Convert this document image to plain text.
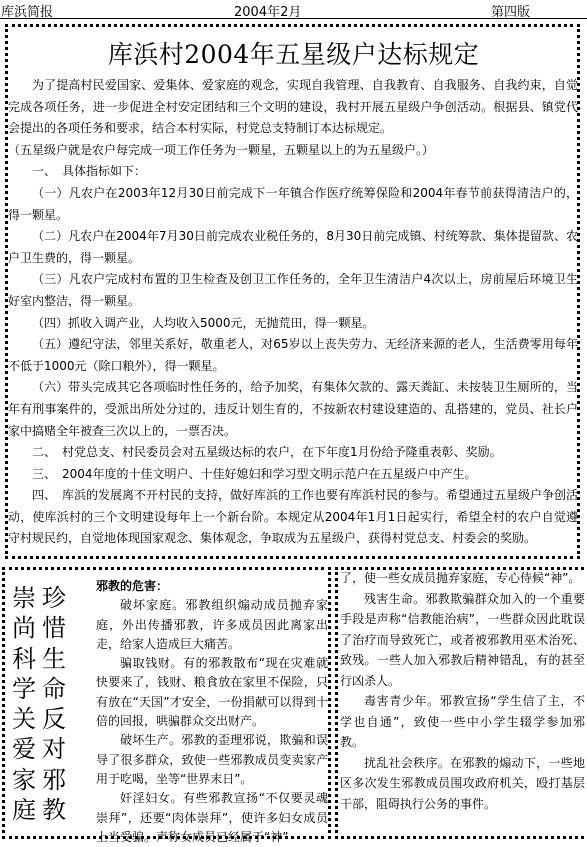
库浜简报	2004年2月	第四版
库浜村2004年五星级户达标规定

为了提高村民爱国家、爱集体、爱家庭的观念，实现自我管理、自我教育、自我服务、自我约束，自觉完成各项任务，进一步促进全村安定团结和三个文明的建设，我村开展五星级户争创活动。根据县、镇党代会提出的各项任务和要求，结合本村实际，村党总支特制订本达标规定。

（五星级户就是农户每完成一项工作任务为一颗星，五颗星以上的为五星级户。）

一、　具体指标如下：

（一）凡农户在2003年12月30日前完成下一年镇合作医疗统筹保险和2004年春节前获得清洁户的，得一颗星。

（二）凡农户在2004年7月30日前完成农业税任务的，8月30日前完成镇、村统筹款、集体提留款、农户卫生费的，得一颗星。

（三）凡农户完成村布置的卫生检查及创卫工作任务的，全年卫生清洁户4次以上，房前屋后环境卫生好室内整洁，得一颗星。

（四）抓收入调产业，人均收入5000元，无抛荒田，得一颗星。

（五）遵纪守法，邻里关系好，敬重老人，对65岁以上丧失劳力、无经济来源的老人，生活费零用每年不低于1000元（除口粮外），得一颗星。

（六）带头完成其它各项临时性任务的，给予加奖，有集体欠款的、露天粪缸、未按装卫生厕所的，当年有刑事案件的，受派出所处分过的，违反计划生育的，不按新农村建设建造的、乱搭建的，党员、社长户家中搞赌全年被查三次以上的，一票否决。

二、　村党总支、村民委员会对五星级达标的农户，在下年度1月份给予隆重表彰、奖励。

三、　2004年度的十佳文明户、十佳好媳妇和学习型文明示范户在五星级户中产生。

四、　库浜的发展离不开村民的支持，做好库浜的工作也要有库浜村民的参与。希望通过五星级户争创活动，使库浜村的三个文明建设每年上一个新台阶。本规定从2004年1月1日起实行，希望全村的农户自觉遵守村规民约，自觉地体现国家观念、集体观念，争取成为五星级户，获得村党总支、村委会的奖励。

崇尚科学关爱家庭
珍惜生命反对邪教

邪教的危害：

破坏家庭。邪教组织煽动成员抛弃家庭，外出传播邪教，许多成员因此离家出走，给家人造成巨大痛苦。

骗取钱财。有的邪教散布“现在灾难就快要来了，钱财、粮食放在家里不保险，只有放在“天国”才安全，一份捐献可以得到十倍的回报，哄骗群众交出财产。

破坏生产。邪教的歪理邪说，欺骗和误导了很多群众，致使一些邪教成员变卖家产用于吃喝，坐等“世界末日”。

奸淫妇女。有些邪教宣扬“不仅要灵魂崇拜”，还要“肉体崇拜”，使许多妇女成员上当受骗。声称女成员已经属于“神”

了，使一些女成员抛弃家庭，专心侍候“神”。

残害生命。邪教欺骗群众加入的一个重要手段是声称“信教能治病”，一些群众因此耽误了治疗而导致死亡，或者被邪教用巫术治死、致残。一些人加入邪教后精神错乱，有的甚至行凶杀人。

毒害青少年。邪教宣扬“学生信了主，不学也自通”，致使一些中小学生辍学参加邪教。

扰乱社会秩序。在邪教的煽动下，一些地区多次发生邪教成员围攻政府机关，殴打基层干部，阻碍执行公务的事件。
